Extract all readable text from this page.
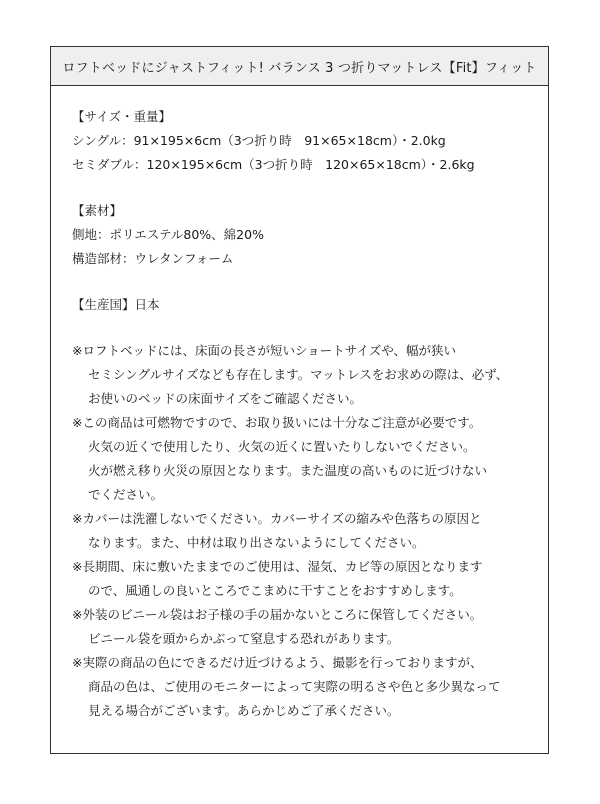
ロフトベッドにジャストフィット! バランス 3 つ折りマットレス【Fit】フィット
【サイズ・重量】
シングル：91×195×6cm（3つ折り時　91×65×18cm）・2.0kg
セミダブル：120×195×6cm（3つ折り時　120×65×18cm）・2.6kg
【素材】
側地：ポリエステル80%、綿20%
構造部材：ウレタンフォーム
【生産国】日本
※ロフトベッドには、床面の長さが短いショートサイズや、幅が狭い
セミシングルサイズなども存在します。マットレスをお求めの際は、必ず、
お使いのベッドの床面サイズをご確認ください。
※この商品は可燃物ですので、お取り扱いには十分なご注意が必要です。
火気の近くで使用したり、火気の近くに置いたりしないでください。
火が燃え移り火災の原因となります。また温度の高いものに近づけない
でください。
※カバーは洗濯しないでください。カバーサイズの縮みや色落ちの原因と
なります。また、中材は取り出さないようにしてください。
※長期間、床に敷いたままでのご使用は、湿気、カビ等の原因となります
ので、風通しの良いところでこまめに干すことをおすすめします。
※外装のビニール袋はお子様の手の届かないところに保管してください。
ビニール袋を頭からかぶって窒息する恐れがあります。
※実際の商品の色にできるだけ近づけるよう、撮影を行っておりますが、
商品の色は、ご使用のモニターによって実際の明るさや色と多少異なって
見える場合がございます。あらかじめご了承ください。
